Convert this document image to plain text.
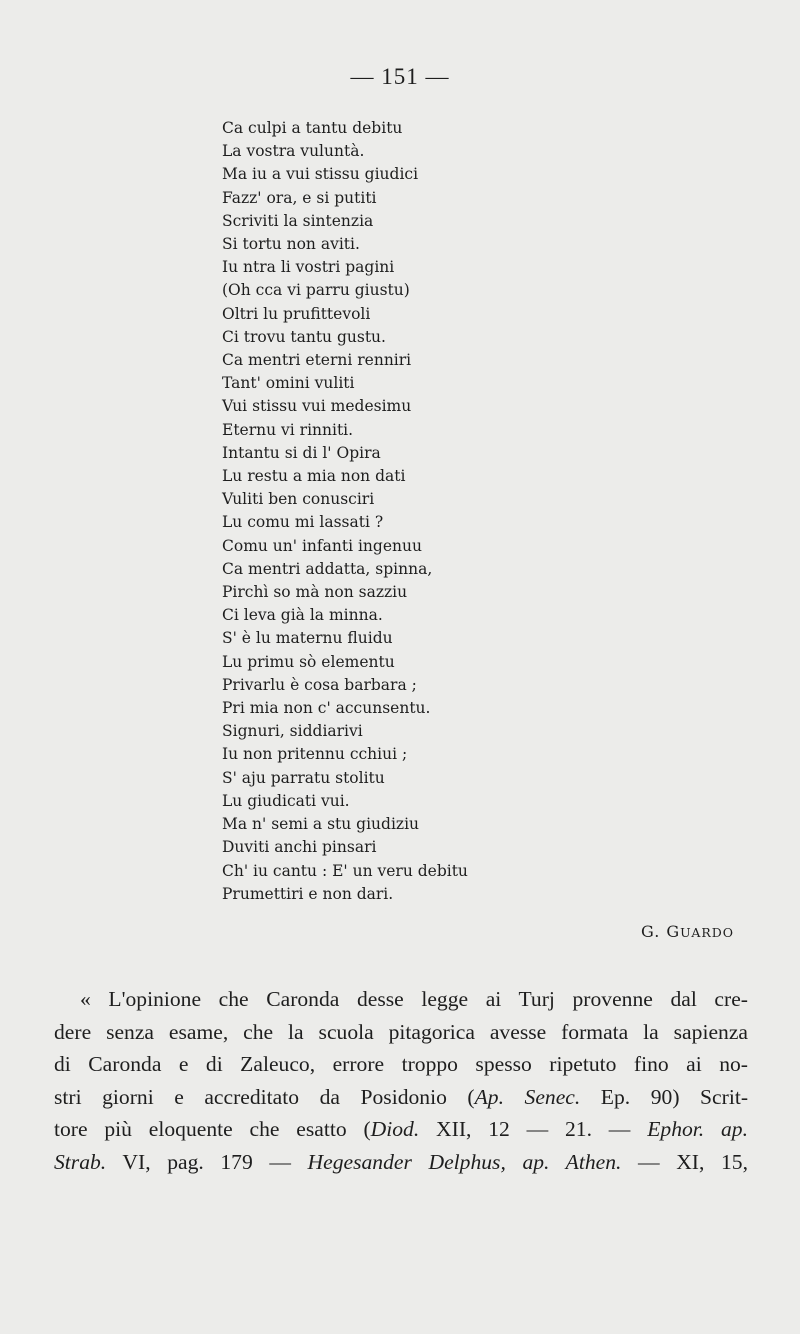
— 151 —
Ca culpi a tantu debitu
La vostra vuluntà.
Ma iu a vui stissu giudici
Fazz' ora, e si putiti
Scriviti la sintenzia
Si tortu non aviti.
Iu ntra li vostri pagini
(Oh cca vi parru giustu)
Oltri lu prufittevoli
Ci trovu tantu gustu.
Ca mentri eterni renniri
Tant' omini vuliti
Vui stissu vui medesimu
Eternu vi rinniti.
Intantu si di l' Opira
Lu restu a mia non dati
Vuliti ben conusciri
Lu comu mi lassati ?
Comu un' infanti ingenuu
Ca mentri addatta, spinna,
Pirchì so mà non sazziu
Ci leva già la minna.
S' è lu maternu fluidu
Lu primu sò elementu
Privarlu è cosa barbara ;
Pri mia non c' accunsentu.
Signuri, siddiarivi
Iu non pritennu cchiui ;
S' aju parratu stolitu
Lu giudicati vui.
Ma n' semi a stu giudiziu
Duviti anchi pinsari
Ch' iu cantu : E' un veru debitu
Prumettiri e non dari.
G. GUARDO
« L'opinione che Caronda desse legge ai Turj provenne dal cre-
dere senza esame, che la scuola pitagorica avesse formata la sapienza
di Caronda e di Zaleuco, errore troppo spesso ripetuto fino ai no-
stri giorni e accreditato da Posidonio (Ap. Senec. Ep. 90) Scrit-
tore più eloquente che esatto (Diod. XII, 12 — 21. — Ephor. ap.
Strab. VI, pag. 179 — Hegesander Delphus, ap. Athen. — XI, 15,
